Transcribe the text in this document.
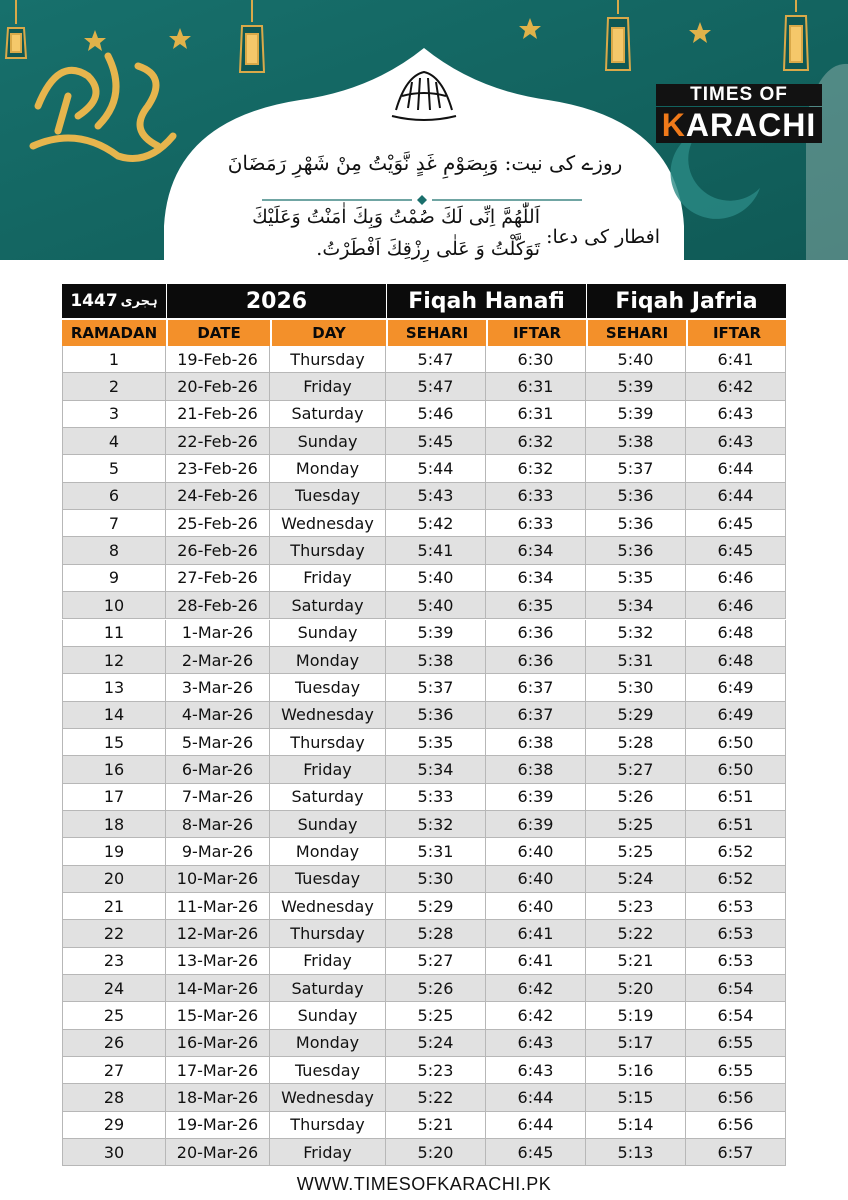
TIMES OF
KARACHI
روزے کی نیت: وَبِصَوْمِ غَدٍ نَّوَيْتُ مِنْ شَهْرِ رَمَضَانَ
افطار کی دعا:
اَللّٰهُمَّ اِنِّی لَكَ صُمْتُ وَبِكَ اٰمَنْتُ وَعَلَيْكَ
تَوَكَّلْتُ وَ عَلٰی رِزْقِكَ اَفْطَرْتُ.
1447 ہجری	2026	Fiqah Hanafi	Fiqah Jafria
RAMADAN	DATE	DAY	SEHARI	IFTAR	SEHARI	IFTAR
1	19-Feb-26	Thursday	5:47	6:30	5:40	6:41
2	20-Feb-26	Friday	5:47	6:31	5:39	6:42
3	21-Feb-26	Saturday	5:46	6:31	5:39	6:43
4	22-Feb-26	Sunday	5:45	6:32	5:38	6:43
5	23-Feb-26	Monday	5:44	6:32	5:37	6:44
6	24-Feb-26	Tuesday	5:43	6:33	5:36	6:44
7	25-Feb-26	Wednesday	5:42	6:33	5:36	6:45
8	26-Feb-26	Thursday	5:41	6:34	5:36	6:45
9	27-Feb-26	Friday	5:40	6:34	5:35	6:46
10	28-Feb-26	Saturday	5:40	6:35	5:34	6:46
11	1-Mar-26	Sunday	5:39	6:36	5:32	6:48
12	2-Mar-26	Monday	5:38	6:36	5:31	6:48
13	3-Mar-26	Tuesday	5:37	6:37	5:30	6:49
14	4-Mar-26	Wednesday	5:36	6:37	5:29	6:49
15	5-Mar-26	Thursday	5:35	6:38	5:28	6:50
16	6-Mar-26	Friday	5:34	6:38	5:27	6:50
17	7-Mar-26	Saturday	5:33	6:39	5:26	6:51
18	8-Mar-26	Sunday	5:32	6:39	5:25	6:51
19	9-Mar-26	Monday	5:31	6:40	5:25	6:52
20	10-Mar-26	Tuesday	5:30	6:40	5:24	6:52
21	11-Mar-26	Wednesday	5:29	6:40	5:23	6:53
22	12-Mar-26	Thursday	5:28	6:41	5:22	6:53
23	13-Mar-26	Friday	5:27	6:41	5:21	6:53
24	14-Mar-26	Saturday	5:26	6:42	5:20	6:54
25	15-Mar-26	Sunday	5:25	6:42	5:19	6:54
26	16-Mar-26	Monday	5:24	6:43	5:17	6:55
27	17-Mar-26	Tuesday	5:23	6:43	5:16	6:55
28	18-Mar-26	Wednesday	5:22	6:44	5:15	6:56
29	19-Mar-26	Thursday	5:21	6:44	5:14	6:56
30	20-Mar-26	Friday	5:20	6:45	5:13	6:57
WWW.TIMESOFKARACHI.PK
